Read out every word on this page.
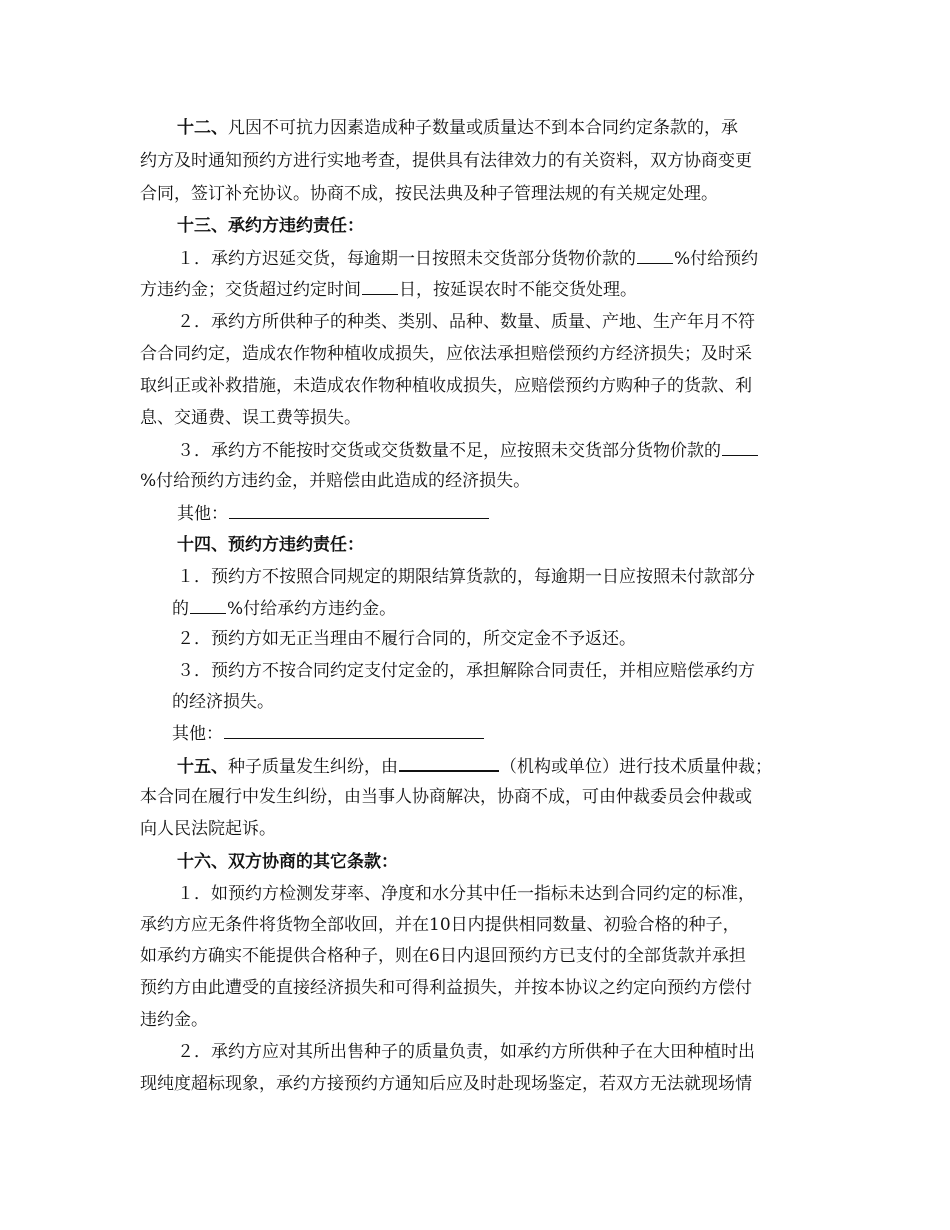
十二、凡因不可抗力因素造成种子数量或质量达不到本合同约定条款的，承

约方及时通知预约方进行实地考查，提供具有法律效力的有关资料，双方协商变更

合同，签订补充协议。协商不成，按民法典及种子管理法规的有关规定处理。

十三、承约方违约责任：

１．承约方迟延交货，每逾期一日按照未交货部分货物价款的 %付给预约

方违约金；交货超过约定时间 日，按延误农时不能交货处理。

２．承约方所供种子的种类、类别、品种、数量、质量、产地、生产年月不符

合合同约定，造成农作物种植收成损失，应依法承担赔偿预约方经济损失；及时采

取纠正或补救措施，未造成农作物种植收成损失，应赔偿预约方购种子的货款、利

息、交通费、误工费等损失。

３．承约方不能按时交货或交货数量不足，应按照未交货部分货物价款的

%付给预约方违约金，并赔偿由此造成的经济损失。

其他：

十四、预约方违约责任：

１．预约方不按照合同规定的期限结算货款的，每逾期一日应按照未付款部分

的 %付给承约方违约金。

２．预约方如无正当理由不履行合同的，所交定金不予返还。

３．预约方不按合同约定支付定金的，承担解除合同责任，并相应赔偿承约方

的经济损失。

其他：

十五、种子质量发生纠纷，由	（机构或单位）进行技术质量仲裁；

本合同在履行中发生纠纷，由当事人协商解决，协商不成，可由仲裁委员会仲裁或

向人民法院起诉。

十六、双方协商的其它条款：

１．如预约方检测发芽率、净度和水分其中任一指标未达到合同约定的标准，

承约方应无条件将货物全部收回，并在10日内提供相同数量、初验合格的种子，

如承约方确实不能提供合格种子，则在6日内退回预约方已支付的全部货款并承担

预约方由此遭受的直接经济损失和可得利益损失，并按本协议之约定向预约方偿付

违约金。

２．承约方应对其所出售种子的质量负责，如承约方所供种子在大田种植时出

现纯度超标现象，承约方接预约方通知后应及时赴现场鉴定，若双方无法就现场情
